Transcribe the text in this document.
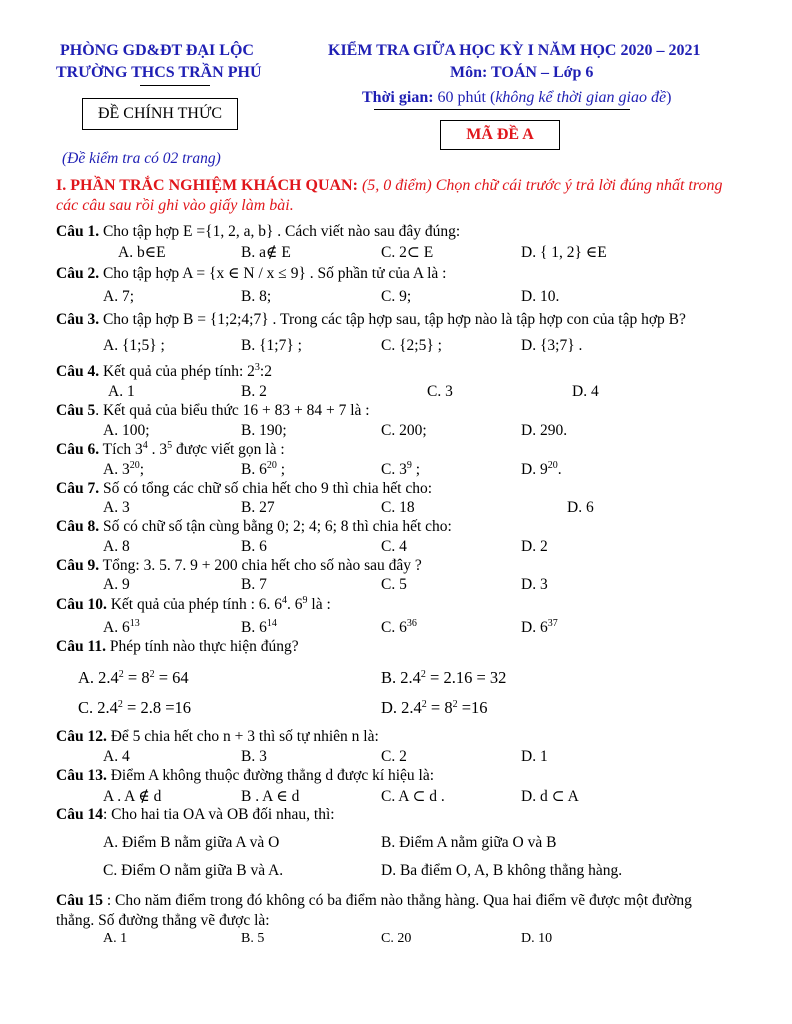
PHÒNG GD&ĐT ĐẠI LỘC
TRƯỜNG THCS TRẦN PHÚ
KIỂM TRA GIỮA HỌC KỲ I NĂM HỌC 2020 – 2021
Môn: TOÁN – Lớp 6
Thời gian: 60 phút (không kể thời gian giao đề)
ĐỀ CHÍNH THỨC
MÃ ĐỀ A
(Đề kiểm tra có 02 trang)
I. PHẦN TRẮC NGHIỆM KHÁCH QUAN: (5, 0 điểm) Chọn chữ cái trước ý trả lời đúng nhất trong
các câu sau rồi ghi vào giấy làm bài.
Câu 1. Cho tập hợp E ={1, 2, a, b} . Cách viết nào sau đây đúng:
A. b∈E	B. a∉ E	C. 2⊂ E	D. { 1, 2} ∈E
Câu 2. Cho tập hợp A = {x ∈ N / x ≤ 9} . Số phần tử của A là :
A. 7;	B. 8;	C. 9;	D. 10.
Câu 3. Cho tập hợp B = {1;2;4;7} . Trong các tập hợp sau, tập hợp nào là tập hợp con của tập hợp B?
A. {1;5} ;	B. {1;7} ;	C. {2;5} ;	D. {3;7} .
Câu 4. Kết quả của phép tính: $2^3:2$
A. 1	B. 2	C. 3	D. 4
Câu 5. Kết quả của biểu thức 16 + 83 + 84 + 7 là :
A. 100;	B. 190;	C. 200;	D. 290.
Câu 6. Tích $3^4$ . $3^5$ được viết gọn là :
A. $3^{20}$;	B. $6^{20}$ ;	C. $3^9$ ;	D. $9^{20}$.
Câu 7. Số có tổng các chữ số chia hết cho 9 thì chia hết cho:
A. 3	B. 27	C. 18	D. 6
Câu 8. Số có chữ số tận cùng bằng 0; 2; 4; 6; 8 thì chia hết cho:
A. 8	B. 6	C. 4	D. 2
Câu 9. Tổng: 3. 5. 7. 9 + 200 chia hết cho số nào sau đây ?
A. 9	B. 7	C. 5	D. 3
Câu 10. Kết quả của phép tính : 6. $6^4$. $6^9$ là :
A. $6^{13}$	B. $6^{14}$	C. $6^{36}$	D. $6^{37}$
Câu 11. Phép tính nào thực hiện đúng?
A. $2.4^2 = 8^2 = 64$	B. $2.4^2 = 2.16 = 32$
C. $2.4^2 = 2.8 =16$	D. $2.4^2 = 8^2 =16$
Câu 12. Để 5 chia hết cho n + 3 thì số tự nhiên n là:
A. 4	B. 3	C. 2	D. 1
Câu 13. Điểm A không thuộc đường thẳng d được kí hiệu là:
A . A ∉ d	B . A ∈ d	C. A ⊂ d .	D. d ⊂ A
Câu 14: Cho hai tia OA và OB đối nhau, thì:
A. Điểm B nằm giữa A và O	B. Điểm A nằm giữa O và B
C. Điểm O nằm giữa B và A.	D. Ba điểm O, A, B không thẳng hàng.
Câu 15 : Cho năm điểm trong đó không có ba điểm nào thẳng hàng. Qua hai điểm vẽ được một đường
thẳng. Số đường thẳng vẽ được là:
A. 1	B. 5	C. 20	D. 10
